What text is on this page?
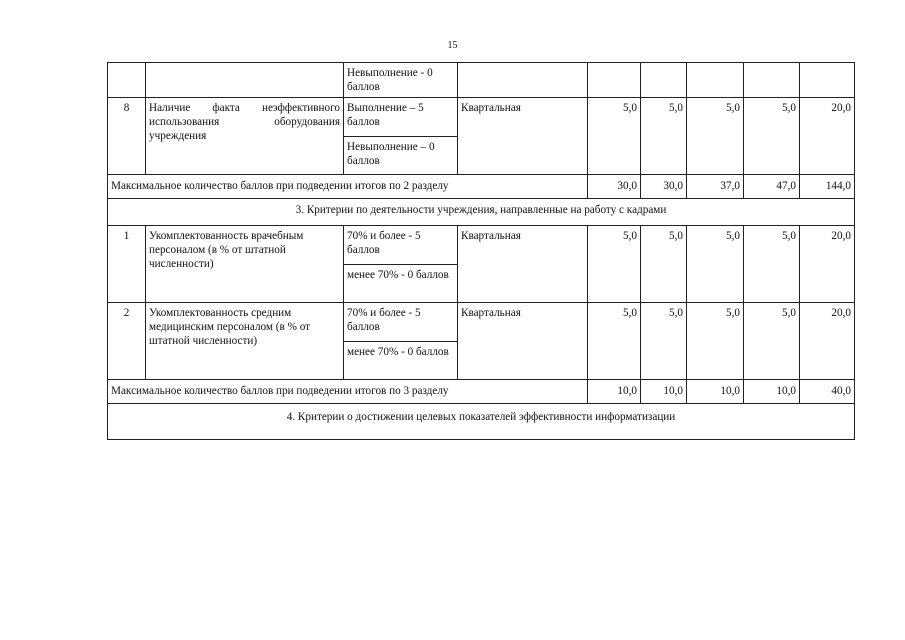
15
		Невыполнение - 0 баллов						
8	Наличие факта неэффективного использования оборудования учреждения	Выполнение – 5 баллов	Квартальная	5,0	5,0	5,0	5,0	20,0
		Невыполнение – 0 баллов						
Максимальное количество баллов при подведении итогов по 2 разделу				30,0	30,0	37,0	47,0	144,0
3. Критерии по деятельности учреждения, направленные на работу с кадрами								
1	Укомплектованность врачебным персоналом (в % от штатной численности)	70% и более - 5 баллов	Квартальная	5,0	5,0	5,0	5,0	20,0
		менее 70% - 0 баллов						
2	Укомплектованность средним медицинским персоналом (в % от штатной численности)	70% и более - 5 баллов	Квартальная	5,0	5,0	5,0	5,0	20,0
		менее 70% - 0 баллов						
Максимальное количество баллов при подведении итогов по 3 разделу				10,0	10,0	10,0	10,0	40,0
4. Критерии о достижении целевых показателей эффективности информатизации								
